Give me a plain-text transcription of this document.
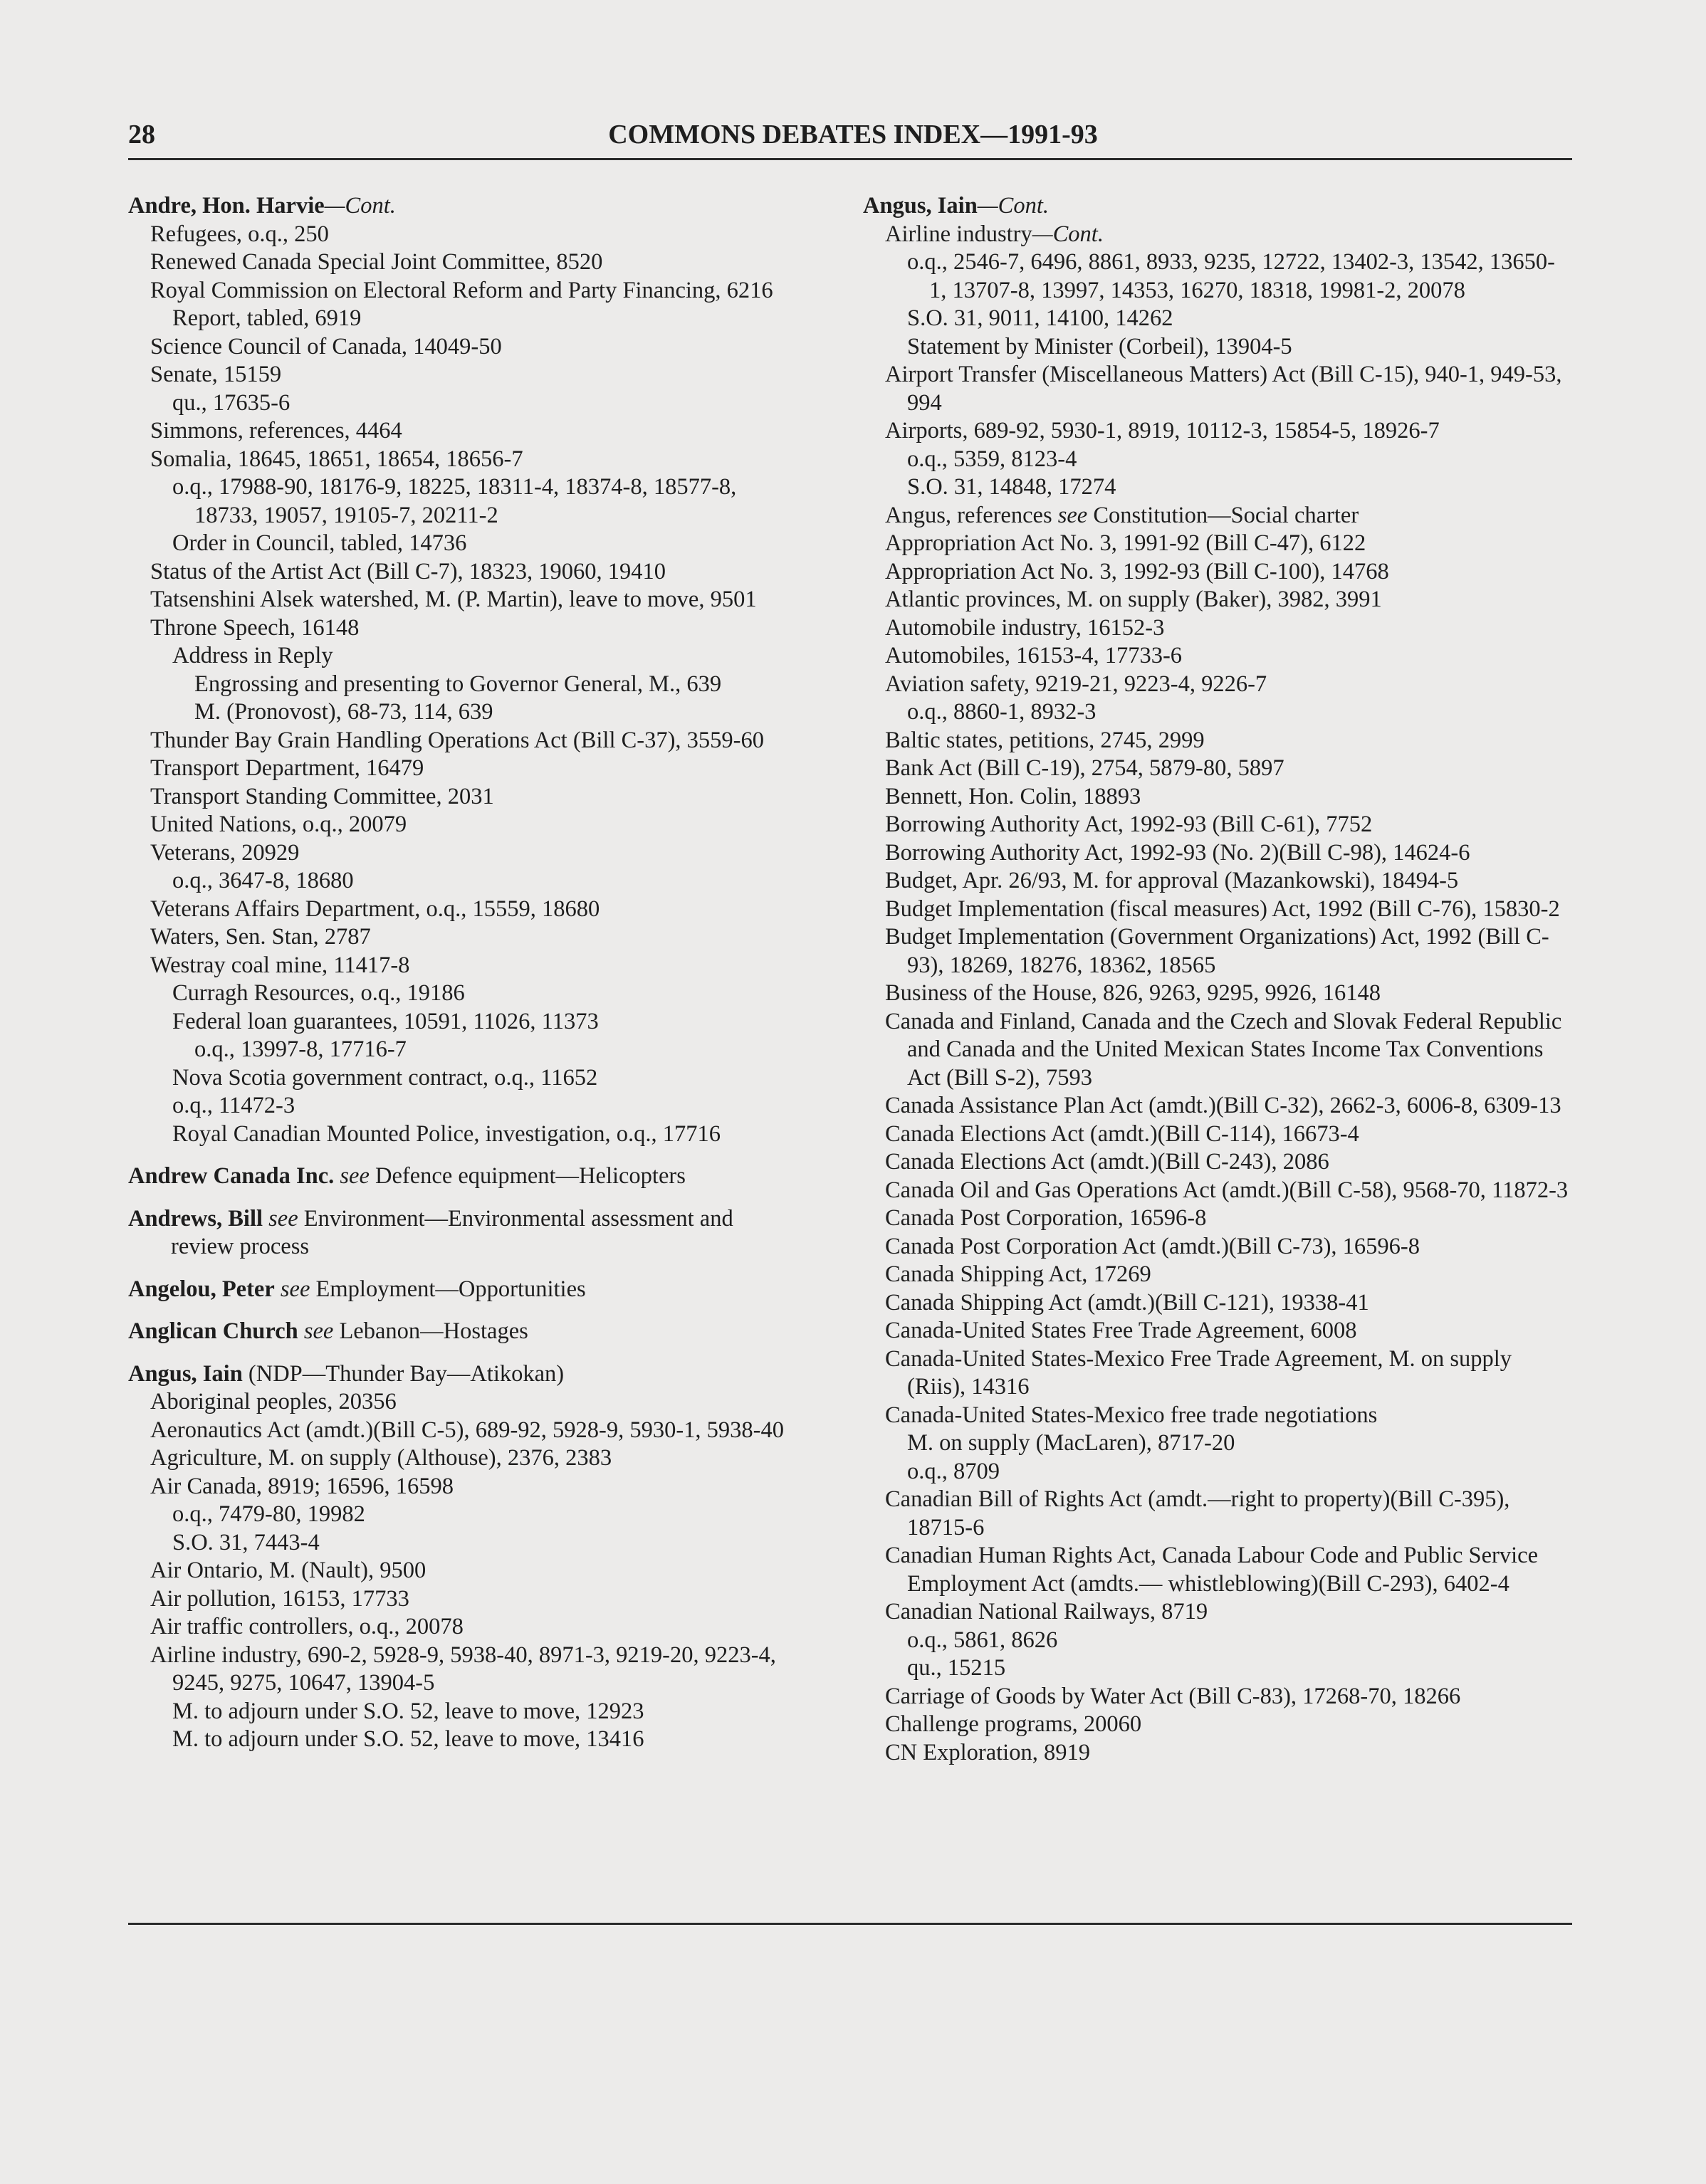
28	COMMONS DEBATES INDEX—1991-93

Andre, Hon. Harvie—Cont.

Refugees, o.q., 250

Renewed Canada Special Joint Committee, 8520

Royal Commission on Electoral Reform and Party Financing, 6216

Report, tabled, 6919

Science Council of Canada, 14049-50

Senate, 15159

qu., 17635-6

Simmons, references, 4464

Somalia, 18645, 18651, 18654, 18656-7

o.q., 17988-90, 18176-9, 18225, 18311-4, 18374-8, 18577-8, 18733, 19057, 19105-7, 20211-2

Order in Council, tabled, 14736

Status of the Artist Act (Bill C-7), 18323, 19060, 19410

Tatsenshini Alsek watershed, M. (P. Martin), leave to move, 9501

Throne Speech, 16148

Address in Reply

Engrossing and presenting to Governor General, M., 639

M. (Pronovost), 68-73, 114, 639

Thunder Bay Grain Handling Operations Act (Bill C-37), 3559-60

Transport Department, 16479

Transport Standing Committee, 2031

United Nations, o.q., 20079

Veterans, 20929

o.q., 3647-8, 18680

Veterans Affairs Department, o.q., 15559, 18680

Waters, Sen. Stan, 2787

Westray coal mine, 11417-8

Curragh Resources, o.q., 19186

Federal loan guarantees, 10591, 11026, 11373

o.q., 13997-8, 17716-7

Nova Scotia government contract, o.q., 11652

o.q., 11472-3

Royal Canadian Mounted Police, investigation, o.q., 17716

Andrew Canada Inc. see Defence equipment—Helicopters

Andrews, Bill see Environment—Environmental assessment and review process

Angelou, Peter see Employment—Opportunities

Anglican Church see Lebanon—Hostages

Angus, Iain (NDP—Thunder Bay—Atikokan)

Aboriginal peoples, 20356

Aeronautics Act (amdt.)(Bill C-5), 689-92, 5928-9, 5930-1, 5938-40

Agriculture, M. on supply (Althouse), 2376, 2383

Air Canada, 8919; 16596, 16598

o.q., 7479-80, 19982

S.O. 31, 7443-4

Air Ontario, M. (Nault), 9500

Air pollution, 16153, 17733

Air traffic controllers, o.q., 20078

Airline industry, 690-2, 5928-9, 5938-40, 8971-3, 9219-20, 9223-4, 9245, 9275, 10647, 13904-5

M. to adjourn under S.O. 52, leave to move, 12923

M. to adjourn under S.O. 52, leave to move, 13416

Angus, Iain—Cont.

Airline industry—Cont.

o.q., 2546-7, 6496, 8861, 8933, 9235, 12722, 13402-3, 13542, 13650-1, 13707-8, 13997, 14353, 16270, 18318, 19981-2, 20078

S.O. 31, 9011, 14100, 14262

Statement by Minister (Corbeil), 13904-5

Airport Transfer (Miscellaneous Matters) Act (Bill C-15), 940-1, 949-53, 994

Airports, 689-92, 5930-1, 8919, 10112-3, 15854-5, 18926-7

o.q., 5359, 8123-4

S.O. 31, 14848, 17274

Angus, references see Constitution—Social charter

Appropriation Act No. 3, 1991-92 (Bill C-47), 6122

Appropriation Act No. 3, 1992-93 (Bill C-100), 14768

Atlantic provinces, M. on supply (Baker), 3982, 3991

Automobile industry, 16152-3

Automobiles, 16153-4, 17733-6

Aviation safety, 9219-21, 9223-4, 9226-7

o.q., 8860-1, 8932-3

Baltic states, petitions, 2745, 2999

Bank Act (Bill C-19), 2754, 5879-80, 5897

Bennett, Hon. Colin, 18893

Borrowing Authority Act, 1992-93 (Bill C-61), 7752

Borrowing Authority Act, 1992-93 (No. 2)(Bill C-98), 14624-6

Budget, Apr. 26/93, M. for approval (Mazankowski), 18494-5

Budget Implementation (fiscal measures) Act, 1992 (Bill C-76), 15830-2

Budget Implementation (Government Organizations) Act, 1992 (Bill C-93), 18269, 18276, 18362, 18565

Business of the House, 826, 9263, 9295, 9926, 16148

Canada and Finland, Canada and the Czech and Slovak Federal Republic and Canada and the United Mexican States Income Tax Conventions Act (Bill S-2), 7593

Canada Assistance Plan Act (amdt.)(Bill C-32), 2662-3, 6006-8, 6309-13

Canada Elections Act (amdt.)(Bill C-114), 16673-4

Canada Elections Act (amdt.)(Bill C-243), 2086

Canada Oil and Gas Operations Act (amdt.)(Bill C-58), 9568-70, 11872-3

Canada Post Corporation, 16596-8

Canada Post Corporation Act (amdt.)(Bill C-73), 16596-8

Canada Shipping Act, 17269

Canada Shipping Act (amdt.)(Bill C-121), 19338-41

Canada-United States Free Trade Agreement, 6008

Canada-United States-Mexico Free Trade Agreement, M. on supply (Riis), 14316

Canada-United States-Mexico free trade negotiations

M. on supply (MacLaren), 8717-20

o.q., 8709

Canadian Bill of Rights Act (amdt.—right to property)(Bill C-395), 18715-6

Canadian Human Rights Act, Canada Labour Code and Public Service Employment Act (amdts.— whistleblowing)(Bill C-293), 6402-4

Canadian National Railways, 8719

o.q., 5861, 8626

qu., 15215

Carriage of Goods by Water Act (Bill C-83), 17268-70, 18266

Challenge programs, 20060

CN Exploration, 8919
